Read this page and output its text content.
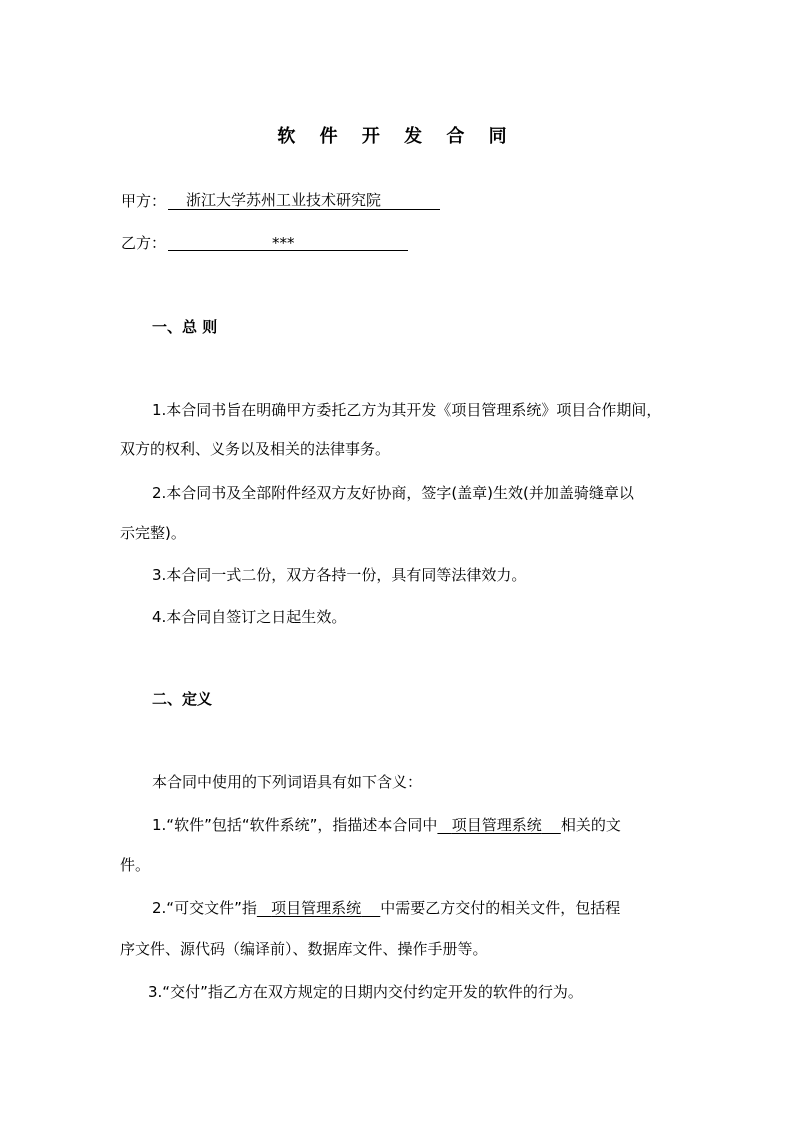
软 件 开 发 合 同
甲方： 浙江大学苏州工业技术研究院
乙方：	***
一、总 则
1.本合同书旨在明确甲方委托乙方为其开发《项目管理系统》项目合作期间，
双方的权利、义务以及相关的法律事务。
2.本合同书及全部附件经双方友好协商，签字(盖章)生效(并加盖骑缝章以
示完整)。
3.本合同一式二份，双方各持一份，具有同等法律效力。
4.本合同自签订之日起生效。
二、定义
本合同中使用的下列词语具有如下含义：
1.“软件”包括“软件系统”，指描述本合同中 项目管理系统 相关的文
件。
2.“可交文件”指 项目管理系统 中需要乙方交付的相关文件，包括程
序文件、源代码（编译前）、数据库文件、操作手册等。
3.“交付”指乙方在双方规定的日期内交付约定开发的软件的行为。
